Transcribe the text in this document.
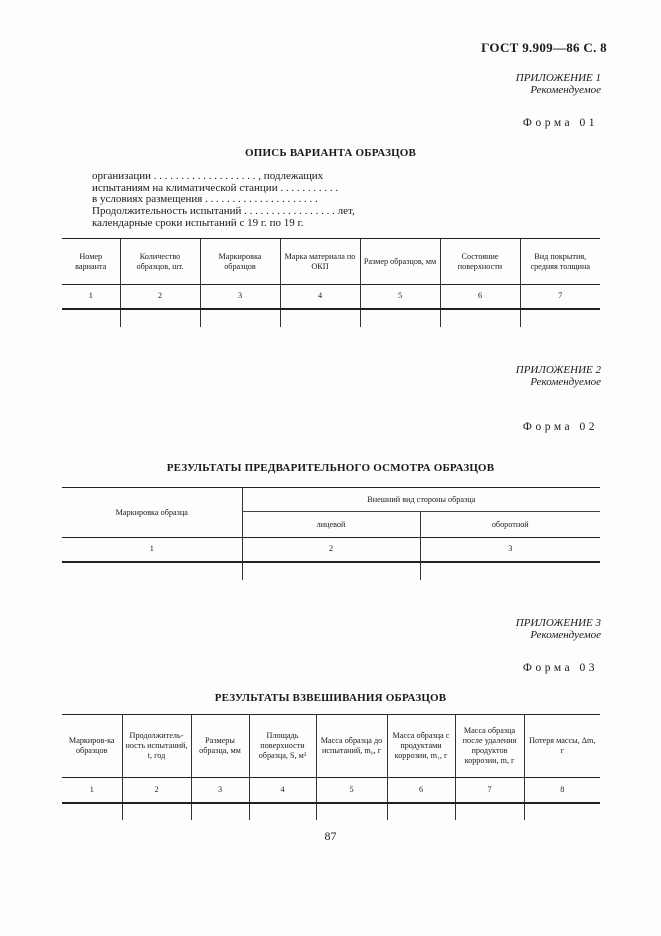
ГОСТ 9.909—86 С. 8
ПРИЛОЖЕНИЕ 1
Рекомендуемое
Форма 01
ОПИСЬ ВАРИАНТА ОБРАЗЦОВ
организации . . . . . . . . . . . . . . . . . . . , подлежащих
испытаниям на климатической станции . . . . . . . . . . .
в условиях размещения . . . . . . . . . . . . . . . . . . . . .
Продолжительность испытаний . . . . . . . . . . . . . . . . . лет,
календарные сроки испытаний с 19 г. по 19 г.
Номер варианта	Количество образцов, шт.	Маркировка образцов	Марка материала по ОКП	Размер образцов, мм	Состояние поверхности	Вид покрытия, средняя толщина
1	2	3	4	5	6	7

ПРИЛОЖЕНИЕ 2
Рекомендуемое
Форма 02
РЕЗУЛЬТАТЫ ПРЕДВАРИТЕЛЬНОГО ОСМОТРА ОБРАЗЦОВ
Маркировка образца	Внешний вид стороны образца	
	лицевой	оборотной
1	2	3

ПРИЛОЖЕНИЕ 3
Рекомендуемое
Форма 03
РЕЗУЛЬТАТЫ ВЗВЕШИВАНИЯ ОБРАЗЦОВ
Маркиров-ка образцов	Продолжитель-ность испытаний, t, год	Размеры образца, мм	Площадь поверхности образца, S, м²	Масса образца до испытаний, m₀, г	Масса образца с продуктами коррозии, m₁, г	Масса образца после удаления продуктов коррозии, m, г	Потеря массы, Δm, г
1	2	3	4	5	6	7	8

87
